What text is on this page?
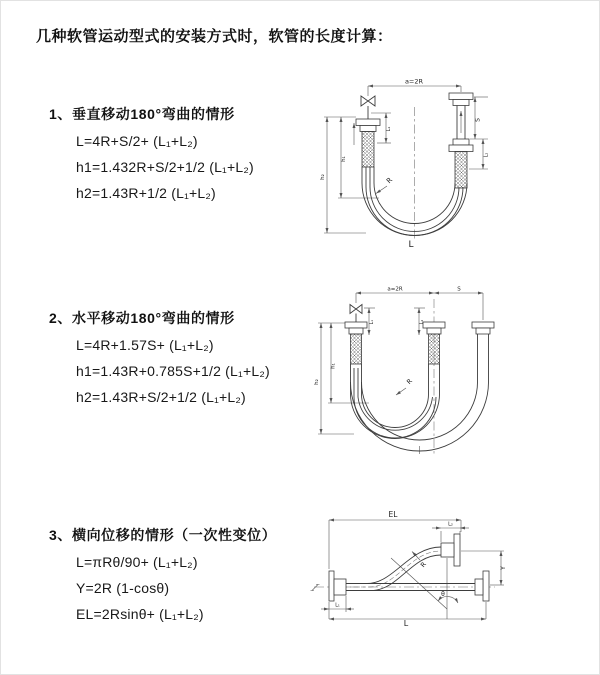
几种软管运动型式的安装方式时，软管的长度计算：
1、垂直移动180°弯曲的情形
L=4R+S/2+ (L₁+L₂)
h1=1.432R+S/2+1/2 (L₁+L₂)
h2=1.43R+1/2 (L₁+L₂)
2、水平移动180°弯曲的情形
L=4R+1.57S+ (L₁+L₂)
h1=1.43R+0.785S+1/2 (L₁+L₂)
h2=1.43R+S/2+1/2 (L₁+L₂)
3、横向位移的情形（一次性变位）
L=πRθ/90+ (L₁+L₂)
Y=2R (1-cosθ)
EL=2Rsinθ+ (L₁+L₂)
a=2R
S
L₂
h₁
h₂
L₁
R
L
a=2R	S
h₁
h₂
L₁	L₂
R
EL
L₂
Y
R
θ
L
L₁
